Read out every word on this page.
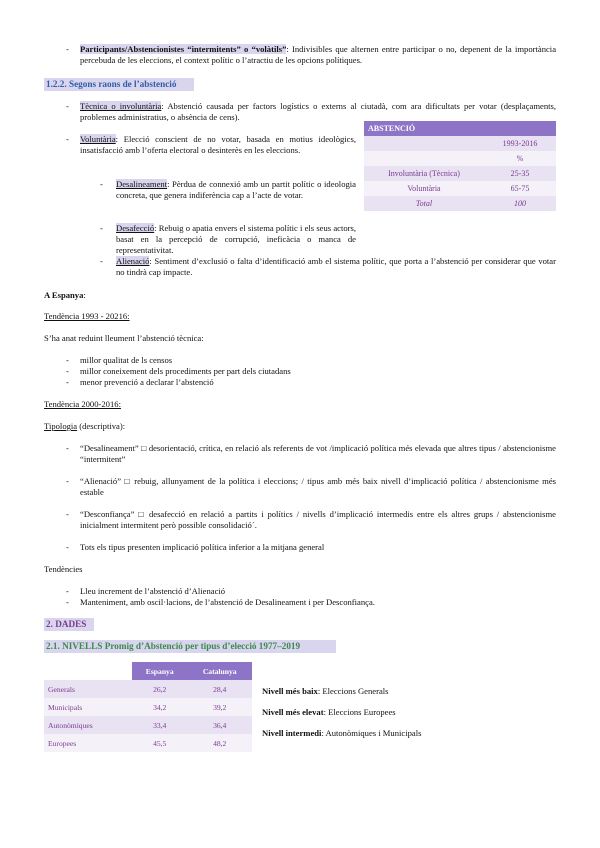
- Participants/Abstencionistes “intermitents” o “volàtils”: Indivisibles que alternen entre participar o no, depenent de la importància percebuda de les eleccions, el context polític o l’atractiu de les opcions polítiques.
1.2.2. Segons raons de l’abstenció
- Tècnica o involuntària: Abstenció causada per factors logístics o externs al ciutadà, com ara dificultats per votar (desplaçaments, problemes administratius, o absència de cens).
- Voluntària: Elecció conscient de no votar, basada en motius ideològics, insatisfacció amb l’oferta electoral o desinterès en les eleccions.
ABSTENCIÓ	
	1993-2016
	%
Involuntària (Tècnica)	25-35
Voluntària	65-75
Total	100
- Desalineament: Pèrdua de connexió amb un partit polític o ideologia concreta, que genera indiferència cap a l’acte de votar.
- Desafecció: Rebuig o apatia envers el sistema polític i els seus actors, basat en la percepció de corrupció, ineficàcia o manca de representativitat.
- Alienació: Sentiment d’exclusió o falta d’identificació amb el sistema polític, que porta a l’abstenció per considerar que votar no tindrà cap impacte.
A Espanya:
Tendència 1993 - 20216:
S’ha anat reduint lleument l’abstenció tècnica:
- millor qualitat de ls censos
- millor coneixement dels procediments per part dels ciutadans
- menor prevenció a declarar l’abstenció
Tendència 2000-2016:
Tipologia (descriptiva):
- “Desalineament” □ desorientació, crítica, en relació als referents de vot /implicació política més elevada que altres tipus / abstencionisme “intermitent”
- “Alienació” □ rebuig, allunyament de la política i eleccions; / tipus amb més baix nivell d’implicació política / abstencionisme més estable
- “Desconfiança” □ desafecció en relació a partits i polítics / nivells d’implicació intermedis entre els altres grups / abstencionisme inicialment intermitent però possible consolidació´.
- Tots els tipus presenten implicació política inferior a la mitjana general
Tendències
- Lleu increment de l’abstenció d’Alienació
- Manteniment, amb oscil·lacions, de l’abstenció de Desalineament i per Desconfiança.
2. DADES
2.1. NIVELLS Promig d’Abstenció per tipus d’elecció 1977–2019
	Espanya	Catalunya
Generals	26,2	28,4
Municipals	34,2	39,2
Autonòmiques	33,4	36,4
Europees	45,5	48,2
Nivell més baix: Eleccions Generals
Nivell més elevat: Eleccions Europees
Nivell intermedi: Autonòmiques i Municipals
